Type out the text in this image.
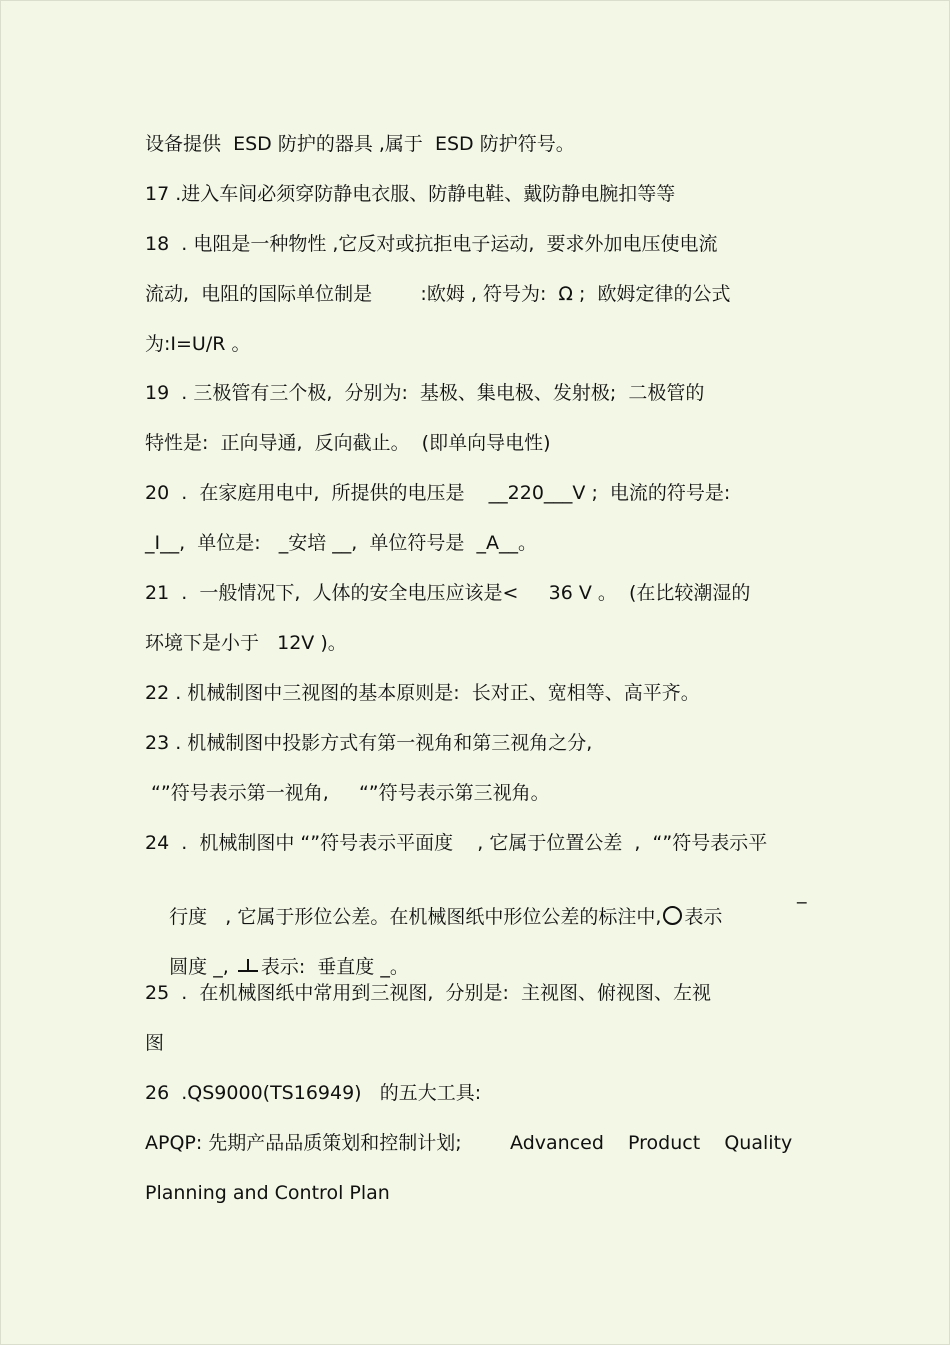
设备提供  ESD 防护的器具 ,属于  ESD 防护符号。
17 .进入车间必须穿防静电衣服、防静电鞋、戴防静电腕扣等等
18  . 电阻是一种物性 ,它反对或抗拒电子运动,  要求外加电压使电流
流动,  电阻的国际单位制是        :欧姆 , 符号为:  Ω ;  欧姆定律的公式
为:I=U/R 。
19  . 三极管有三个极,  分别为:  基极、集电极、发射极;  二极管的
特性是:  正向导通,  反向截止。  (即单向导电性)
20  .  在家庭用电中,  所提供的电压是    __220___V ;  电流的符号是:
_I__,  单位是:   _安培 __,  单位符号是  _A__。
21  .  一般情况下,  人体的安全电压应该是<     36 V 。  (在比较潮湿的
环境下是小于   12V )。
22 . 机械制图中三视图的基本原则是:  长对正、宽相等、高平齐。
23 . 机械制图中投影方式有第一视角和第三视角之分,
“”符号表示第一视角,     “”符号表示第三视角。
24  .  机械制图中 “”符号表示平面度    , 它属于位置公差  ,  “”符号表示平

行度   , 它属于形位公差。在机械图纸中形位公差的标注中, 表示

_

圆度 _, 表示:  垂直度 _。

25  .  在机械图纸中常用到三视图,  分别是:  主视图、俯视图、左视
图
26  .QS9000(TS16949)   的五大工具:
APQP: 先期产品品质策划和控制计划;        Advanced    Product    Quality
Planning and Control Plan
